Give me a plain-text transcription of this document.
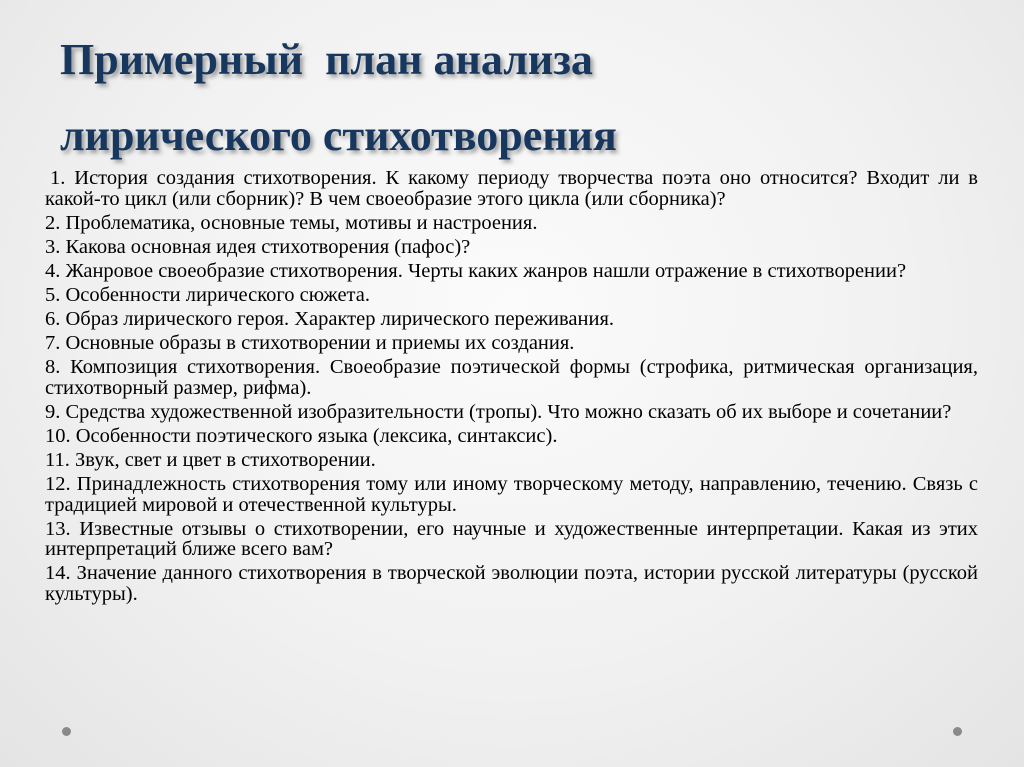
Примерный  план анализа
лирического стихотворения
1. История создания стихотворения. К какому периоду творчества поэта оно относится? Входит ли в какой-то цикл (или сборник)? В чем своеобразие этого цикла (или сборника)?
2. Проблематика, основные темы, мотивы и настроения.
3. Какова основная идея стихотворения (пафос)?
4. Жанровое своеобразие стихотворения. Черты каких жанров нашли отражение в стихотворении?
5. Особенности лирического сюжета.
6. Образ лирического героя. Характер лирического переживания.
7. Основные образы в стихотворении и приемы их создания.
8. Композиция стихотворения. Своеобразие поэтической формы (строфика, ритмическая организация, стихотворный размер, рифма).
9. Средства художественной изобразительности (тропы). Что можно сказать об их выборе и сочетании?
10. Особенности поэтического языка (лексика, синтаксис).
11. Звук, свет и цвет в стихотворении.
12. Принадлежность стихотворения тому или иному творческому методу, направлению, течению. Связь с традицией мировой и отечественной культуры.
13. Известные отзывы о стихотворении, его научные и художественные интерпретации. Какая из этих интерпретаций ближе всего вам?
14. Значение данного стихотворения в творческой эволюции поэта, истории русской литературы (русской культуры).
